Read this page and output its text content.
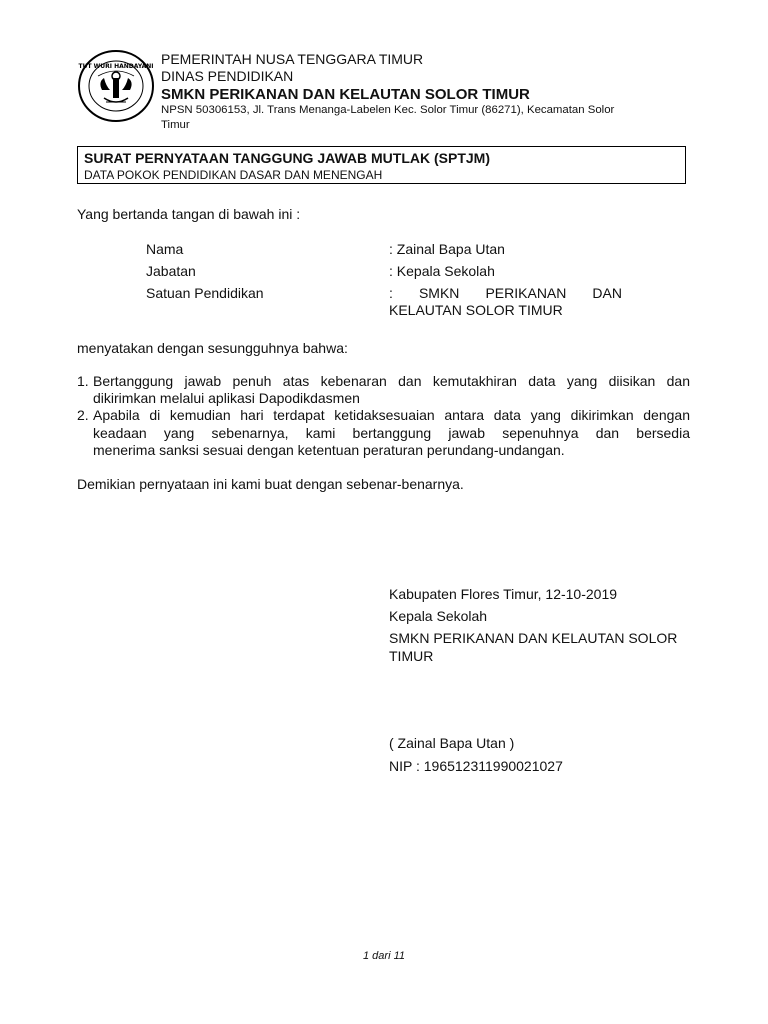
TUT WURI HANDAYANI PEMERINTAH NUSA TENGGARA TIMUR
DINAS PENDIDIKAN
SMKN PERIKANAN DAN KELAUTAN SOLOR TIMUR
NPSN 50306153, Jl. Trans Menanga-Labelen Kec. Solor Timur (86271), Kecamatan Solor
Timur
SURAT PERNYATAAN TANGGUNG JAWAB MUTLAK (SPTJM)
DATA POKOK PENDIDIKAN DASAR DAN MENENGAH
Yang bertanda tangan di bawah ini :
Nama	: Zainal Bapa Utan
Jabatan	: Kepala Sekolah
Satuan Pendidikan	: SMKN PERIKANAN DAN
KELAUTAN SOLOR TIMUR
menyatakan dengan sesungguhnya bahwa:
1. Bertanggung jawab penuh atas kebenaran dan kemutakhiran data yang diisikan dan
dikirimkan melalui aplikasi Dapodikdasmen
2. Apabila di kemudian hari terdapat ketidaksesuaian antara data yang dikirimkan dengan
keadaan yang sebenarnya, kami bertanggung jawab sepenuhnya dan bersedia
menerima sanksi sesuai dengan ketentuan peraturan perundang-undangan.
Demikian pernyataan ini kami buat dengan sebenar-benarnya.
Kabupaten Flores Timur, 12-10-2019
Kepala Sekolah
SMKN PERIKANAN DAN KELAUTAN SOLOR
TIMUR
( Zainal Bapa Utan )
NIP : 196512311990021027
1 dari 11
